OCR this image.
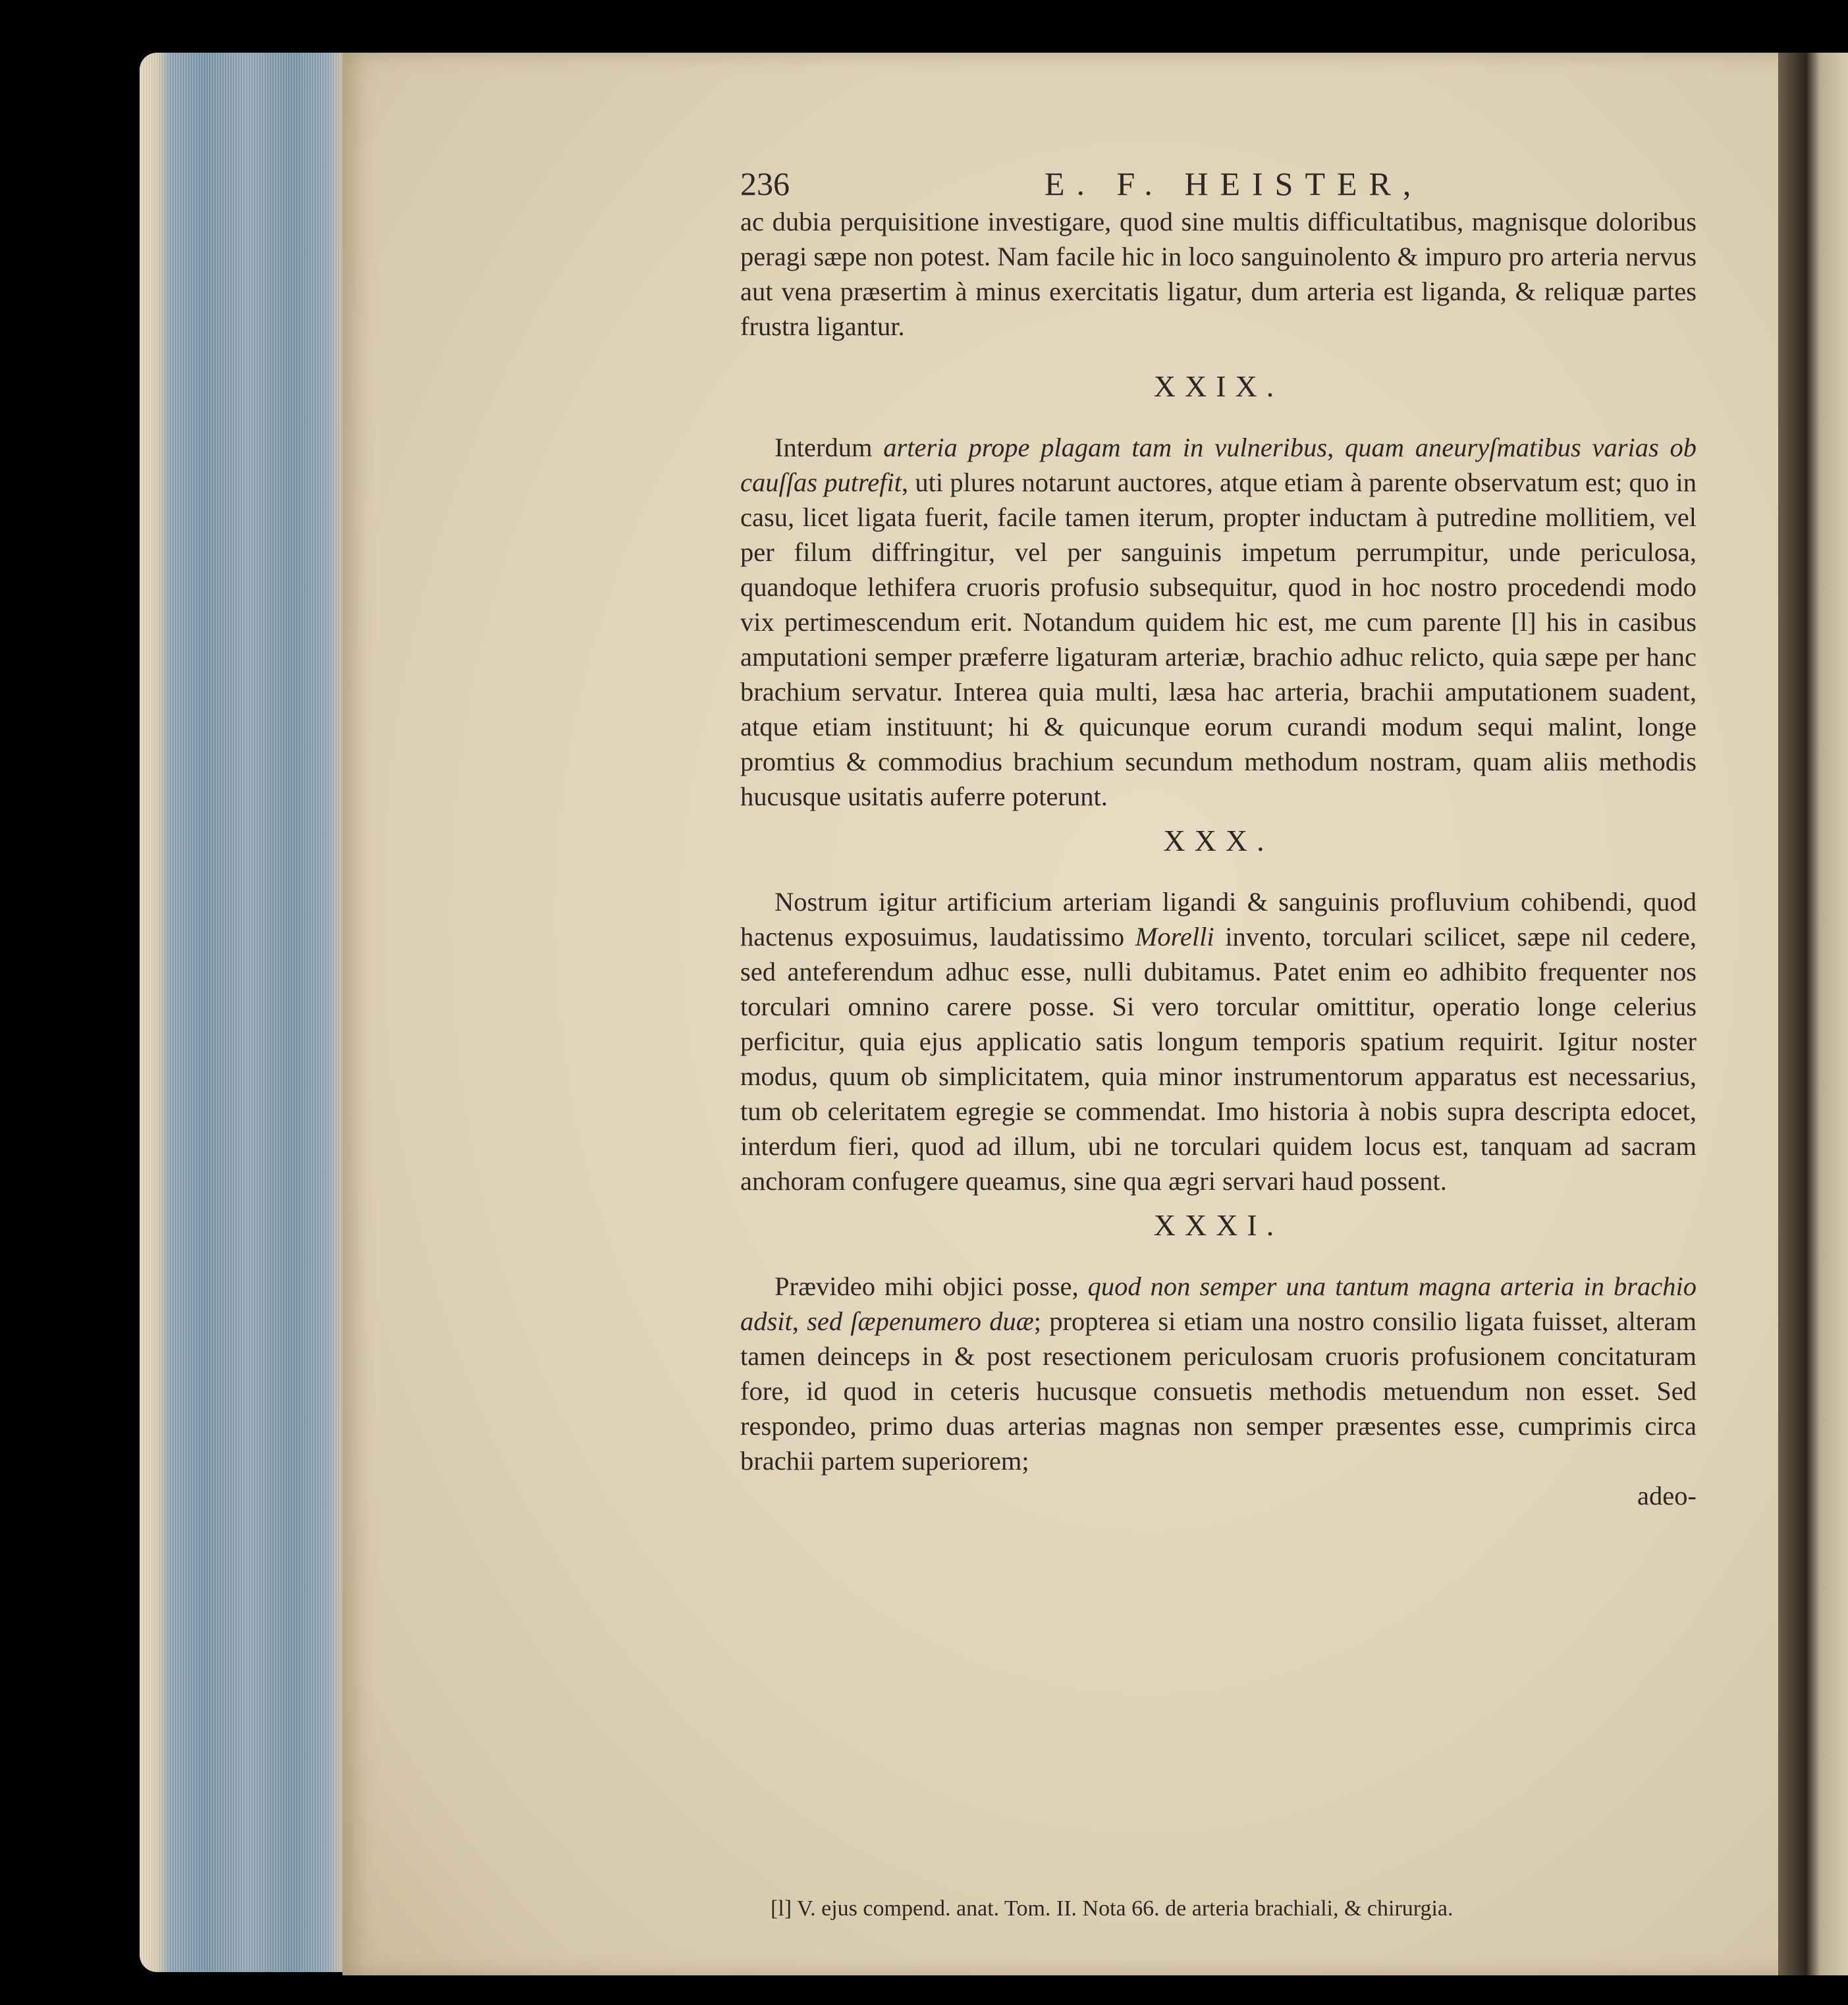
236	E. F. HEISTER,

ac dubia perquisitione investigare, quod sine multis difficultatibus, magnisque doloribus peragi sæpe non potest. Nam facile hic in loco sanguinolento & impuro pro arteria nervus aut vena præsertim à minus exercitatis ligatur, dum arteria est liganda, & reliquæ partes frustra ligantur.

XXIX.

Interdum arteria prope plagam tam in vulneribus, quam aneuryſmatibus varias ob cauſſas putrefit, uti plures notarunt auctores, atque etiam à parente observatum est; quo in casu, licet ligata fuerit, facile tamen iterum, propter inductam à putredine mollitiem, vel per filum diffringitur, vel per sanguinis impetum perrumpitur, unde periculosa, quandoque lethifera cruoris profusio subsequitur, quod in hoc nostro procedendi modo vix pertimescendum erit. Notandum quidem hic est, me cum parente [l] his in casibus amputationi semper præferre ligaturam arteriæ, brachio adhuc relicto, quia sæpe per hanc brachium servatur. Interea quia multi, læsa hac arteria, brachii amputationem suadent, atque etiam instituunt; hi & quicunque eorum curandi modum sequi malint, longe promtius & commodius brachium secundum methodum nostram, quam aliis methodis hucusque usitatis auferre poterunt.

XXX.

Nostrum igitur artificium arteriam ligandi & sanguinis profluvium cohibendi, quod hactenus exposuimus, laudatissimo Morelli invento, torculari scilicet, sæpe nil cedere, sed anteferendum adhuc esse, nulli dubitamus. Patet enim eo adhibito frequenter nos torculari omnino carere posse. Si vero torcular omittitur, operatio longe celerius perficitur, quia ejus applicatio satis longum temporis spatium requirit. Igitur noster modus, quum ob simplicitatem, quia minor instrumentorum apparatus est necessarius, tum ob celeritatem egregie se commendat. Imo historia à nobis supra descripta edocet, interdum fieri, quod ad illum, ubi ne torculari quidem locus est, tanquam ad sacram anchoram confugere queamus, sine qua ægri servari haud possent.

XXXI.

Prævideo mihi objici posse, quod non semper una tantum magna arteria in brachio adsit, sed ſæpenumero duæ; propterea si etiam una nostro consilio ligata fuisset, alteram tamen deinceps in & post resectionem periculosam cruoris profusionem concitaturam fore, id quod in ceteris hucusque consuetis methodis metuendum non esset. Sed respondeo, primo duas arterias magnas non semper præsentes esse, cumprimis circa brachii partem superiorem;

adeo-

[l] V. ejus compend. anat. Tom. II. Nota 66. de arteria brachiali, & chirurgia.
